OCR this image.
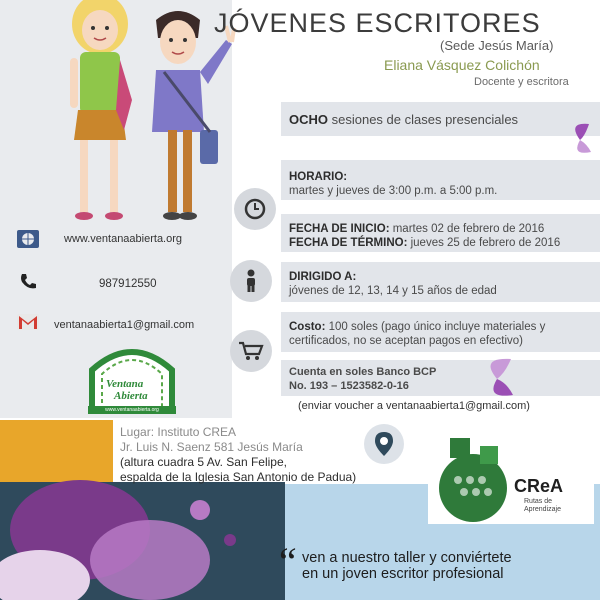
JÓVENES ESCRITORES
(Sede Jesús María)
Eliana Vásquez Colichón
Docente y escritora
OCHO sesiones de clases presenciales
HORARIO:
martes y jueves de 3:00 p.m. a 5:00 p.m.
FECHA DE INICIO: martes 02 de febrero de 2016
FECHA DE TÉRMINO: jueves 25 de febrero de 2016
DIRIGIDO A:
jóvenes de 12, 13, 14 y 15 años de edad
Costo: 100 soles (pago único incluye materiales y certificados, no se aceptan pagos en efectivo)
Cuenta en soles Banco BCP
No. 193 – 1523582-0-16
(enviar voucher a ventanaabierta1@gmail.com)
www.ventanaabierta.org
987912550
ventanaabierta1@gmail.com
Ventana
Abierta
www.ventanaabierta.org
Lugar: Instituto CREA
Jr. Luis N. Saenz 581 Jesús María
(altura cuadra 5 Av. San Felipe,
espalda de la Iglesia San Antonio de Padua)	CReA
Rutas de
Aprendizaje
“ ven a nuestro taller y conviértete
en un joven escritor profesional
